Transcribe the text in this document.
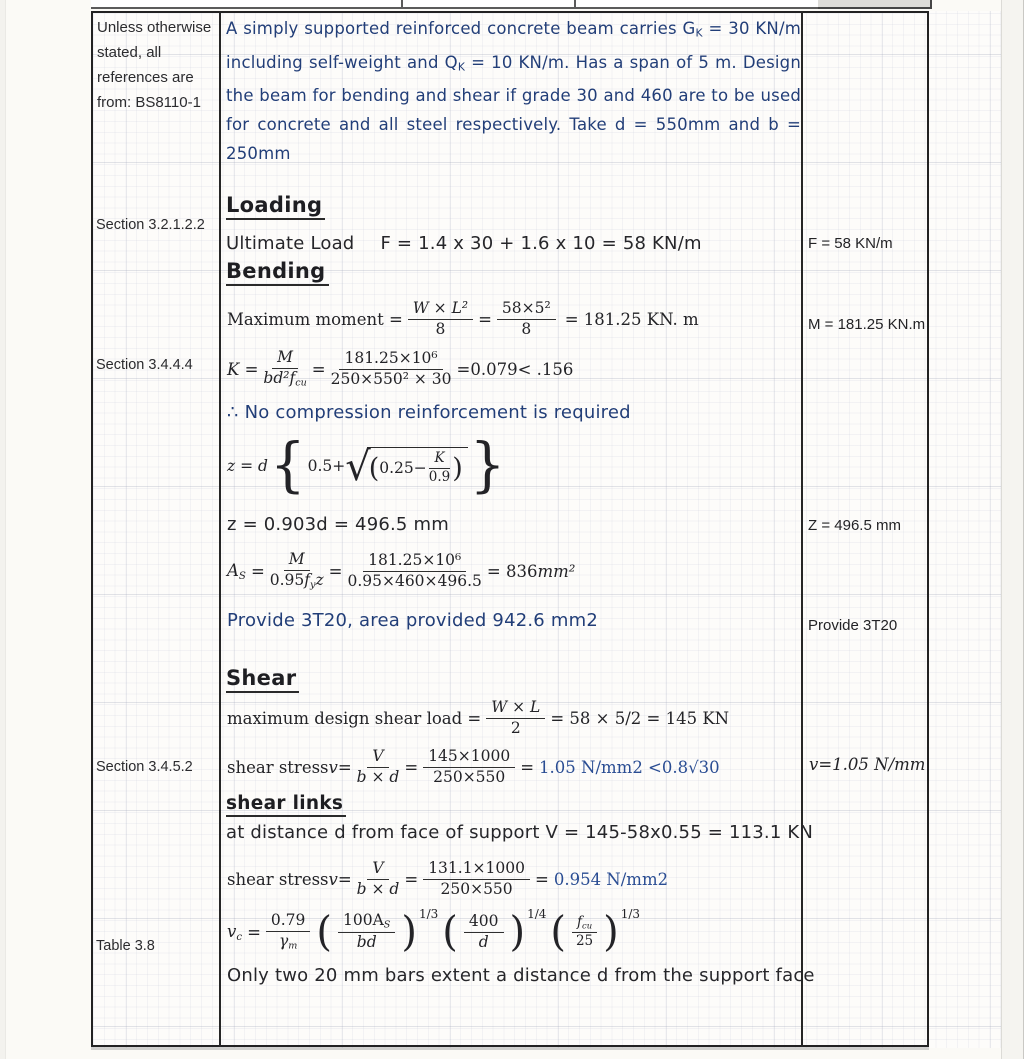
Unless otherwise stated, all references are from: BS8110-1
Section 3.2.1.2.2
Section 3.4.4.4
Section 3.4.5.2
Table 3.8
A simply supported reinforced concrete beam carries GK = 30 KN/m
including self-weight and QK = 10 KN/m. Has a span of 5 m. Design
the beam for bending and shear if grade 30 and 460 are to be used
for concrete and all steel respectively. Take d = 550mm and b =
250mm
Loading
Ultimate Load F = 1.4 x 30 + 1.6 x 10 = 58 KN/m
Bending
Maximum moment = $\frac{\text{W × L²}}{8} = \frac{\text{58×5²}}{8} = 181.25$ KN. m
$K = \frac{M}{bd^2f_{cu}} = \frac{\text{181.25×10⁶}}{\text{250×550² × 30}} =0.079< .156$
∴ No compression reinforcement is required
z = d { 0.5+ √
( $0.25- \frac{K}{0.9}$ ) }
z = 0.903d = 496.5 mm
$A_S = \frac{M}{0.95f_yz} = \frac{\text{181.25×10⁶}}{0.95\times 460\times 496.5} = 836$ mm²
Provide 3T20, area provided 942.6 mm2
Shear
maximum design shear load = $\frac{W \times L}{2} = 58 \times 5/2 = 145$ KN
shear stress $v = \frac{V}{b \times d} = \frac{145\times 1000}{250\times 550} = 1.05$ N/mm2 <0.8√30
shear links
at distance d from face of support V = 145-58x0.55 = 113.1 KN
shear stress $v = \frac{V}{b \times d} = \frac{131.1\times 1000}{250\times 550} = 0.954$ N/mm2
$v_c = \frac{0.79}{\gamma_m}$ ( $\frac{100A_S}{bd}$ ) 1/3 ( $\frac{400}{d}$ ) 1/4 ( $\frac{f_{cu}}{25}$ ) 1/3
Only two 20 mm bars extent a distance d from the support face
F = 58 KN/m
M = 181.25 KN.m
Z = 496.5 mm
Provide 3T20
v=1.05 N/mm
